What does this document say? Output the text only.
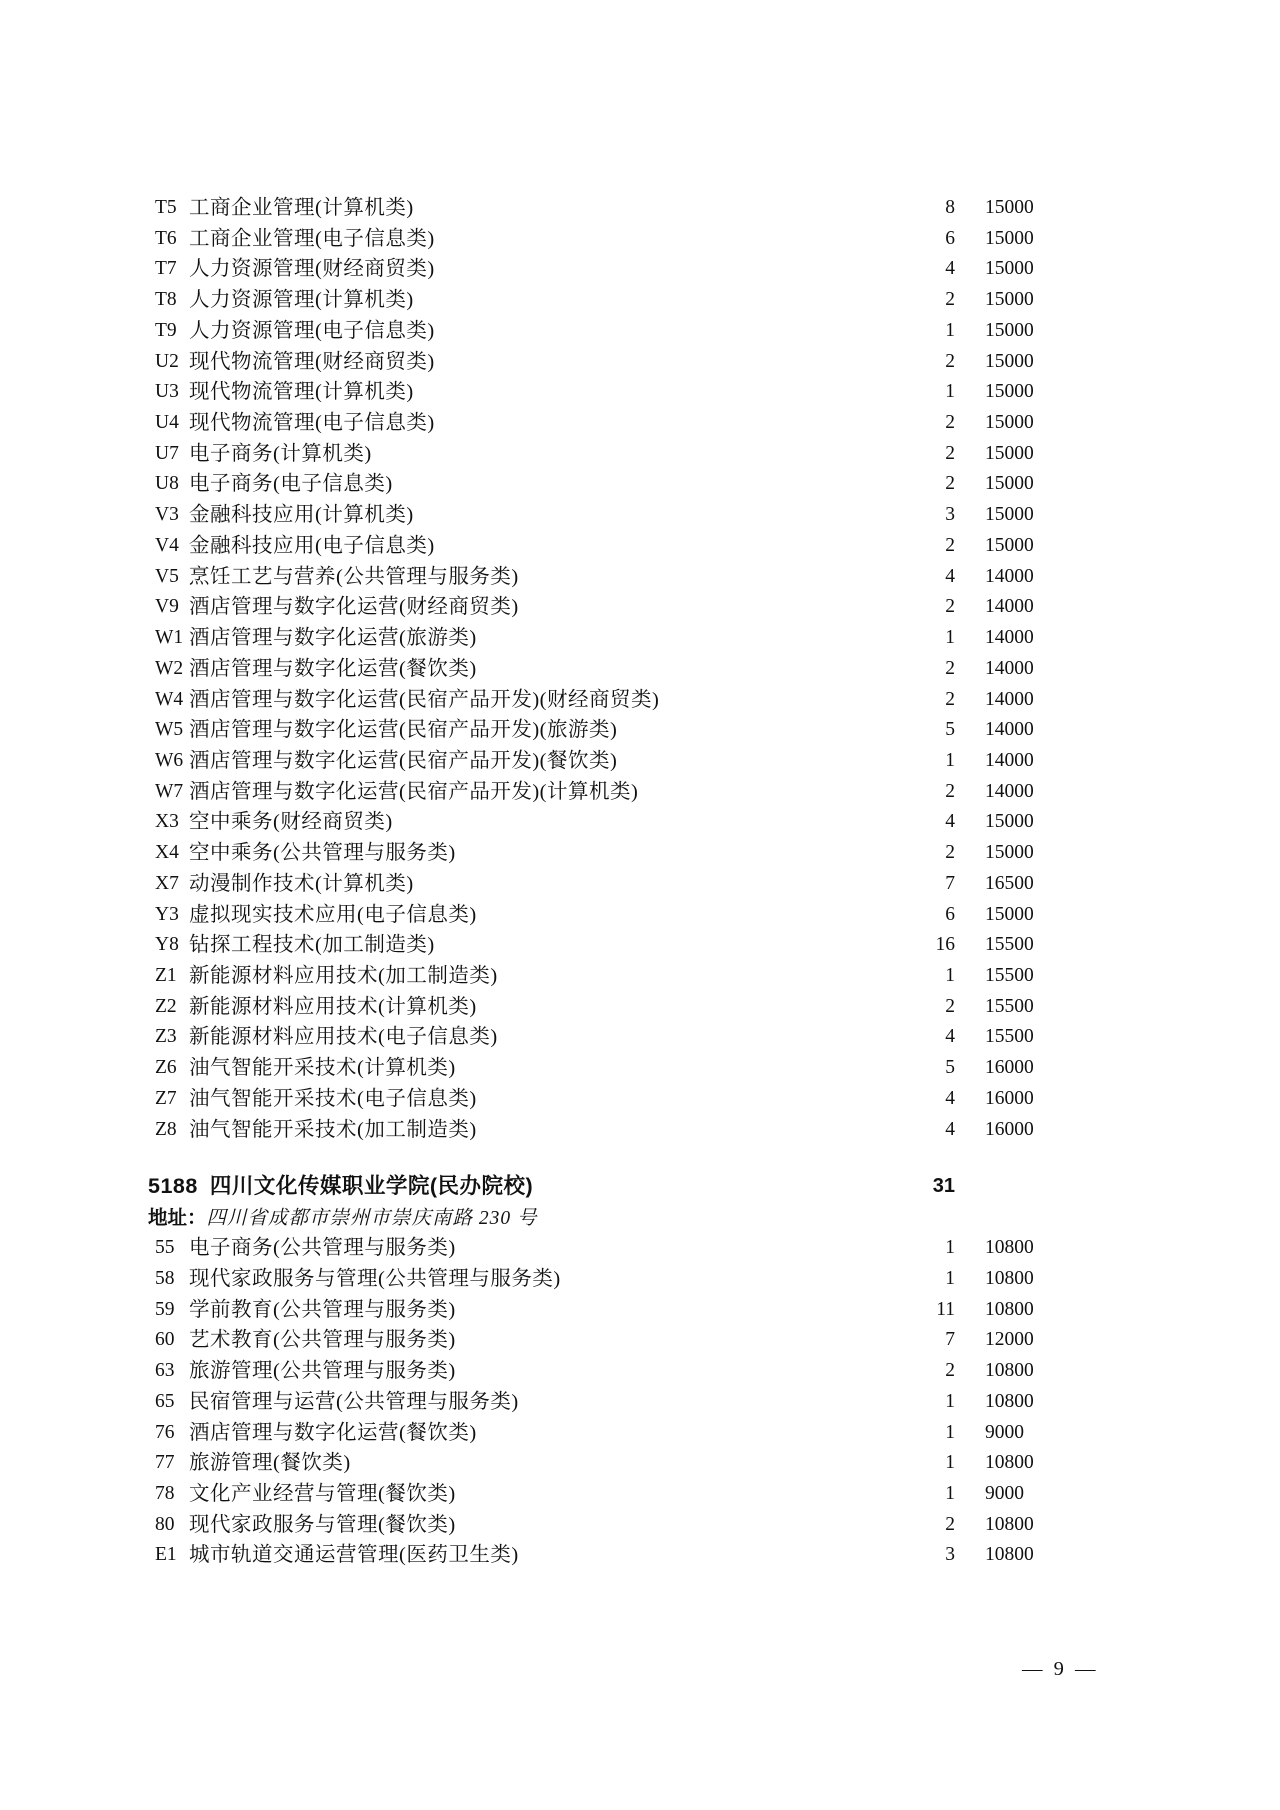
T5 工商企业管理(计算机类)	8 15000
T6 工商企业管理(电子信息类)	6 15000
T7 人力资源管理(财经商贸类)	4 15000
T8 人力资源管理(计算机类)	2 15000
T9 人力资源管理(电子信息类)	1 15000
U2 现代物流管理(财经商贸类)	2 15000
U3 现代物流管理(计算机类)	1 15000
U4 现代物流管理(电子信息类)	2 15000
U7 电子商务(计算机类)	2 15000
U8 电子商务(电子信息类)	2 15000
V3 金融科技应用(计算机类)	3 15000
V4 金融科技应用(电子信息类)	2 15000
V5 烹饪工艺与营养(公共管理与服务类)	4 14000
V9 酒店管理与数字化运营(财经商贸类)	2 14000
W1 酒店管理与数字化运营(旅游类)	1 14000
W2 酒店管理与数字化运营(餐饮类)	2 14000
W4 酒店管理与数字化运营(民宿产品开发)(财经商贸类)	2 14000
W5 酒店管理与数字化运营(民宿产品开发)(旅游类)	5 14000
W6 酒店管理与数字化运营(民宿产品开发)(餐饮类)	1 14000
W7 酒店管理与数字化运营(民宿产品开发)(计算机类)	2 14000
X3 空中乘务(财经商贸类)	4 15000
X4 空中乘务(公共管理与服务类)	2 15000
X7 动漫制作技术(计算机类)	7 16500
Y3 虚拟现实技术应用(电子信息类)	6 15000
Y8 钻探工程技术(加工制造类)	16 15500
Z1 新能源材料应用技术(加工制造类)	1 15500
Z2 新能源材料应用技术(计算机类)	2 15500
Z3 新能源材料应用技术(电子信息类)	4 15500
Z6 油气智能开采技术(计算机类)	5 16000
Z7 油气智能开采技术(电子信息类)	4 16000
Z8 油气智能开采技术(加工制造类)	4 16000
5188 四川文化传媒职业学院(民办院校)	31
地址：四川省成都市崇州市崇庆南路 230 号
55 电子商务(公共管理与服务类)	1 10800
58 现代家政服务与管理(公共管理与服务类)	1 10800
59 学前教育(公共管理与服务类)	11 10800
60 艺术教育(公共管理与服务类)	7 12000
63 旅游管理(公共管理与服务类)	2 10800
65 民宿管理与运营(公共管理与服务类)	1 10800
76 酒店管理与数字化运营(餐饮类)	1 9000
77 旅游管理(餐饮类)	1 10800
78 文化产业经营与管理(餐饮类)	1 9000
80 现代家政服务与管理(餐饮类)	2 10800
E1 城市轨道交通运营管理(医药卫生类)	3 10800
— 9 —
